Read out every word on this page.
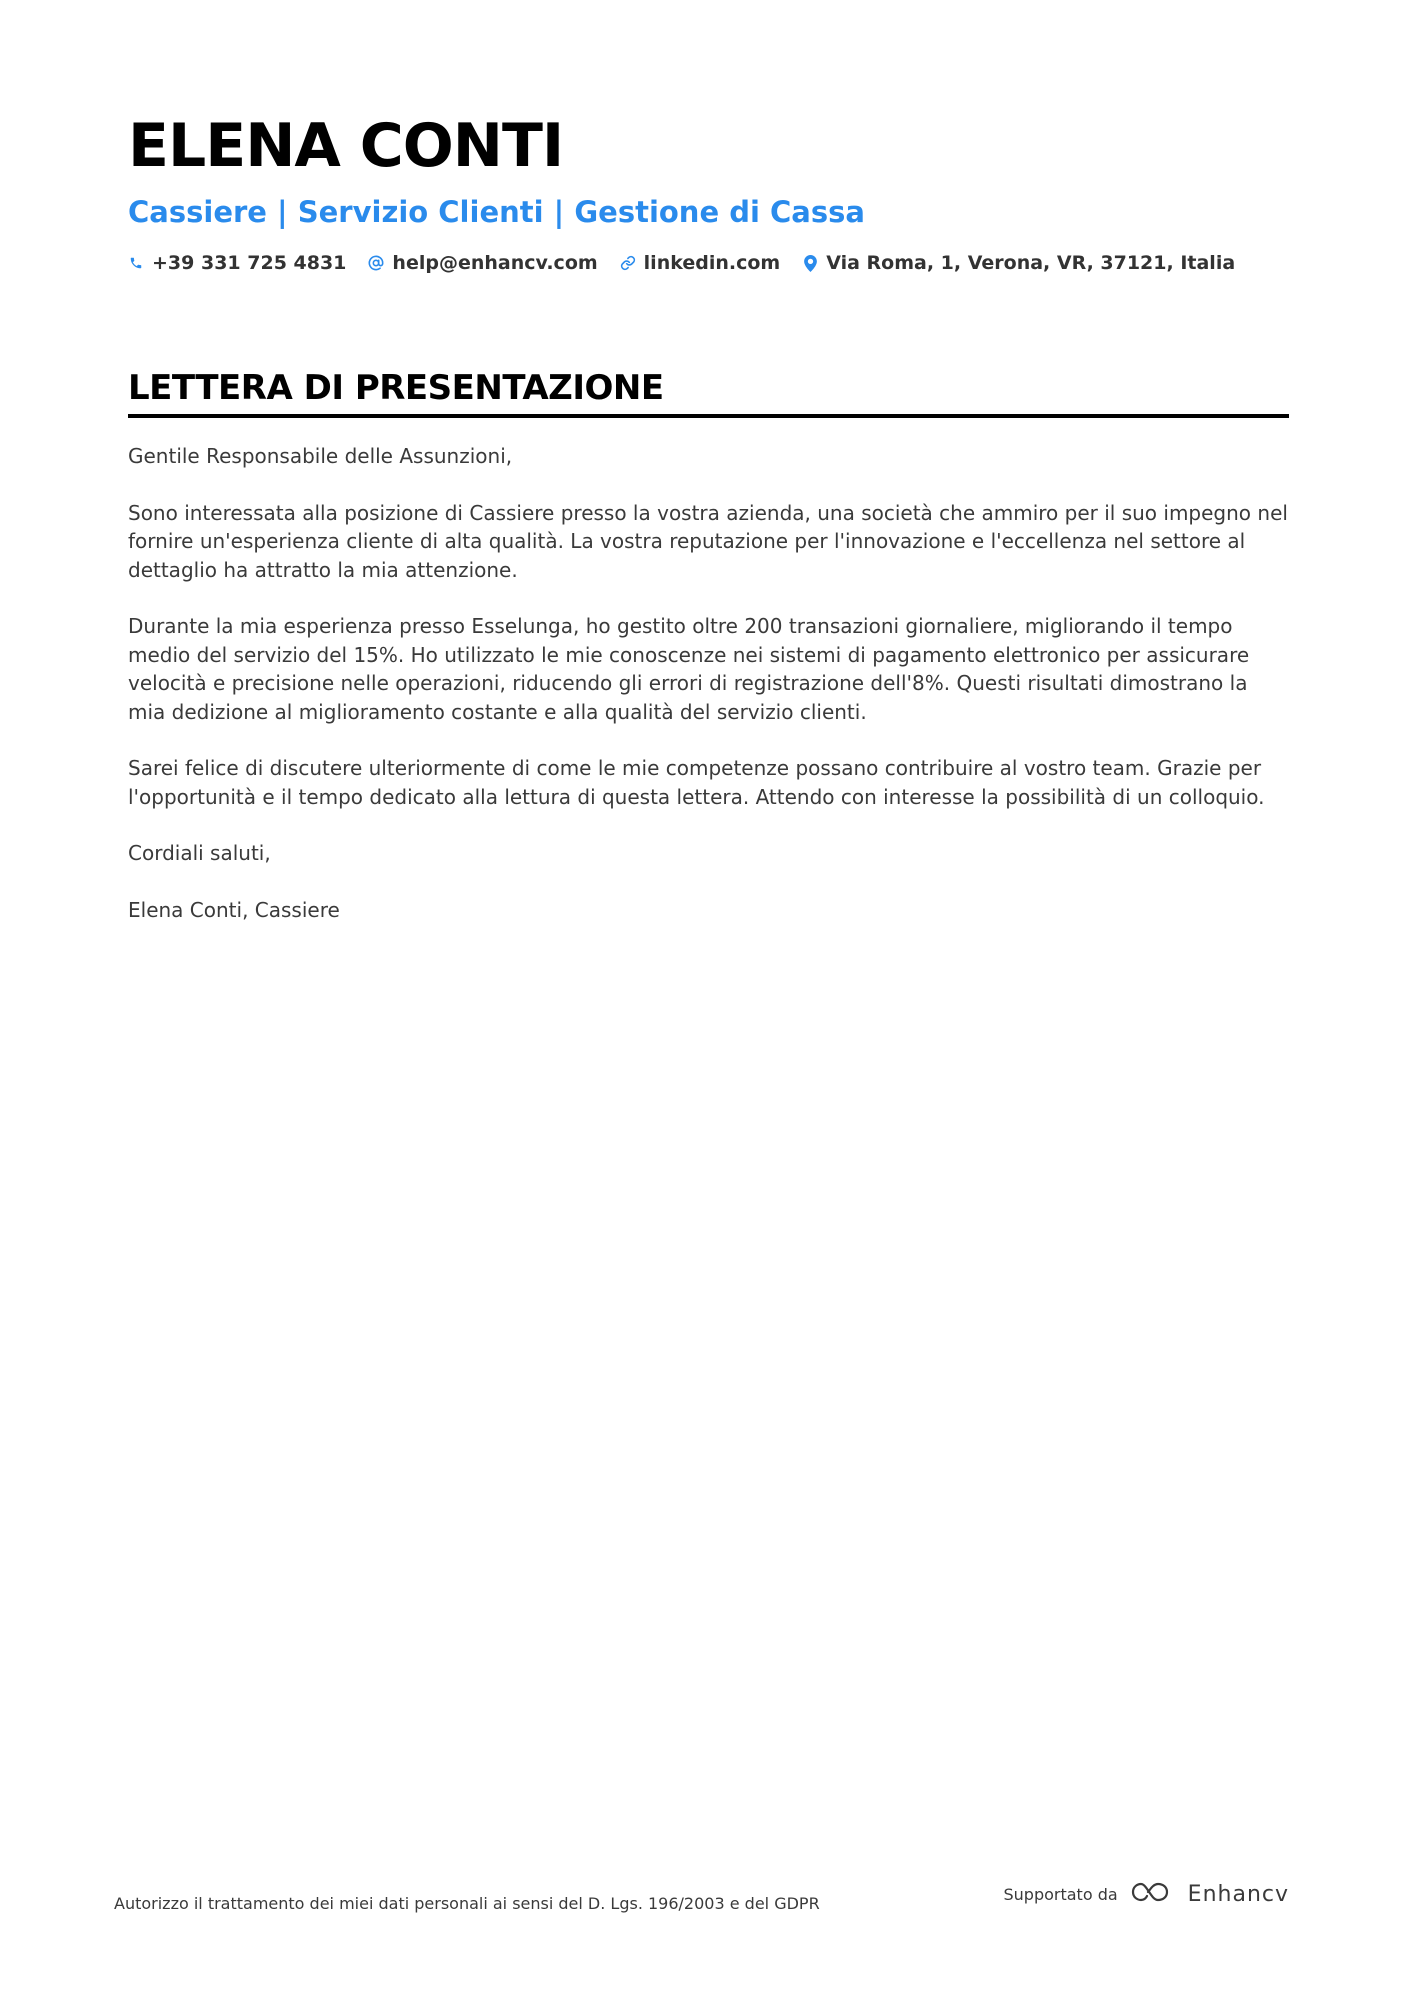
ELENA CONTI
Cassiere | Servizio Clienti | Gestione di Cassa
+39 331 725 4831 help@enhancv.com linkedin.com Via Roma, 1, Verona, VR, 37121, Italia
LETTERA DI PRESENTAZIONE

Gentile Responsabile delle Assunzioni,

Sono interessata alla posizione di Cassiere presso la vostra azienda, una società che ammiro per il suo impegno nel fornire un'esperienza cliente di alta qualità. La vostra reputazione per l'innovazione e l'eccellenza nel settore al dettaglio ha attratto la mia attenzione.

Durante la mia esperienza presso Esselunga, ho gestito oltre 200 transazioni giornaliere, migliorando il tempo medio del servizio del 15%. Ho utilizzato le mie conoscenze nei sistemi di pagamento elettronico per assicurare velocità e precisione nelle operazioni, riducendo gli errori di registrazione dell'8%. Questi risultati dimostrano la mia dedizione al miglioramento costante e alla qualità del servizio clienti.

Sarei felice di discutere ulteriormente di come le mie competenze possano contribuire al vostro team. Grazie per l'opportunità e il tempo dedicato alla lettura di questa lettera. Attendo con interesse la possibilità di un colloquio.

Cordiali saluti,

Elena Conti, Cassiere

Autorizzo il trattamento dei miei dati personali ai sensi del D. Lgs. 196/2003 e del GDPR	Supportato da	Enhancv
